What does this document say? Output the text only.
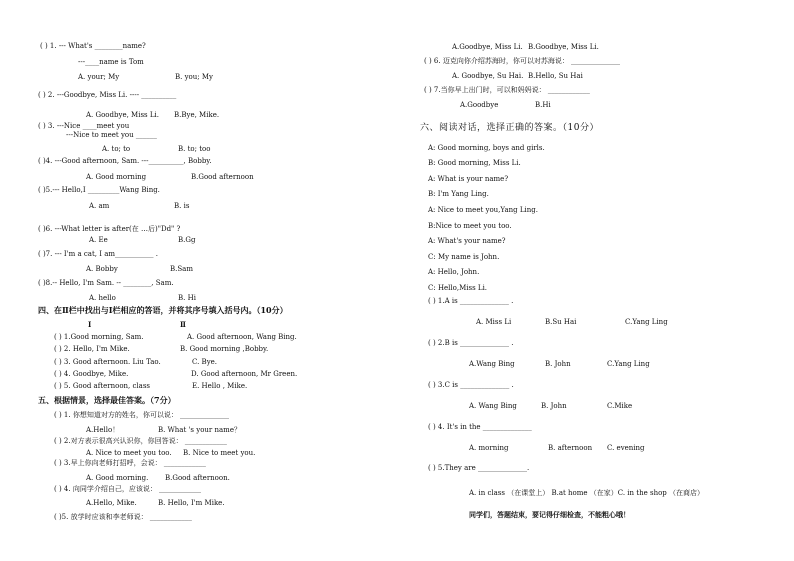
( ) 1. --- What's ________name?
---____name is Tom
A. your; My	B. you; My
( ) 2. ---Goodbye, Miss Li. ---- __________
A. Goodbye, Miss Li. B.Bye, Mike.
( ) 3. ---Nice ____meet you
---Nice to meet you ______
A. to; to	B. to; too
( )4. ---Good afternoon, Sam. ---__________, Bobby.
A. Good morning	B.Good afternoon
( )5.--- Hello,I _________Wang Bing.
A. am	B. is
( )6. ---What letter is after(在 …后)"Dd" ?
A. Ee	B.Gg
( )7. --- I'm a cat, I am___________ .
A. Bobby	B.Sam
( )8.-- Hello, I'm Sam. -- ________, Sam.
A. hello	B. Hi
四、在Ⅱ栏中找出与Ⅰ栏相应的答语，并将其序号填入括号内。（10分）
Ⅰ	Ⅱ
( ) 1.Good morning, Sam.	A. Good afternoon, Wang Bing.
( ) 2. Hello, I'm Mike.	B. Good morning ,Bobby.
( ) 3. Good afternoon. Liu Tao.	C. Bye.
( ) 4. Goodbye, Mike.	D. Good afternoon, Mr Green.
( ) 5. Good afternoon, class	E. Hello , Mike.
五、根据情景，选择最佳答案。（7分）
( ) 1. 你想知道对方的姓名，你可以说： ______________
A.Hello！	B. What 's your name？
( ) 2.对方表示很高兴认识你，你回答说： ____________
A. Nice to meet you too. B. Nice to meet you.
( ) 3.早上你向老师打招呼，会说： ____________
A. Good morning. B.Good afternoon.
( ) 4. 向同学介绍自己，应该说： ____________
A.Hello, Mike.	B. Hello, I'm Mike.
( )5. 放学时应该和李老师说： ____________
A.Goodbye, Miss Li. B.Goodbye, Miss Li.
( ) 6. 迈克向你介绍苏海时，你可以对苏海说： ______________
A. Goodbye, Su Hai. B.Hello, Su Hai
( ) 7.当你早上出门时，可以和妈妈说： ____________
A.Goodbye	B.Hi
六、阅读对话，选择正确的答案。（10分）
A: Good morning, boys and girls.
B: Good morning, Miss Li.
A: What is your name?
B: I'm Yang Ling.
A: Nice to meet you,Yang Ling.
B:Nice to meet you too.
A: What's your name?
C: My name is John.
A: Hello, John.
C: Hello,Miss Li.
( ) 1.A is ______________ .
A. Miss Li	B.Su Hai	C.Yang Ling
( ) 2.B is ______________ .
A.Wang Bing	B. John	C.Yang Ling
( ) 3.C is ______________ .
A. Wang Bing	B. John	C.Mike
( ) 4. It's in the ______________
A. morning	B. afternoon C. evening
( ) 5.They are ______________.
A. in class （在课堂上） B.at home （在家）C. in the shop （在商店）
同学们，答题结束，要记得仔细检查，不能粗心哦！
